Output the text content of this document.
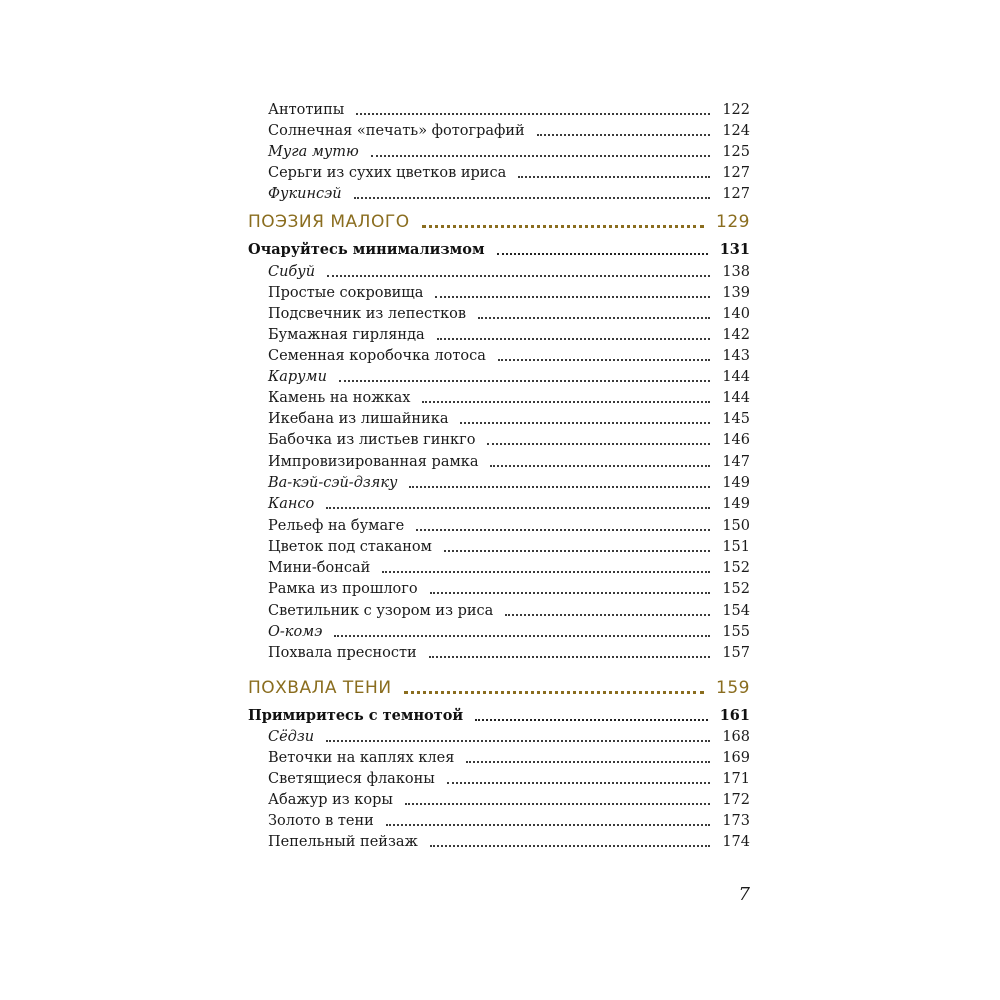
Антотипы	122
Солнечная «печать» фотографий	124
Муга мутю	125
Серьги из сухих цветков ириса	127
Фукинсэй	127
ПОЭЗИЯ МАЛОГО	129
Очаруйтесь минимализмом	131
Сибуй	138
Простые сокровища	139
Подсвечник из лепестков	140
Бумажная гирлянда	142
Семенная коробочка лотоса	143
Каруми	144
Камень на ножках	144
Икебана из лишайника	145
Бабочка из листьев гинкго	146
Импровизированная рамка	147
Ва-кэй-сэй-дзяку	149
Кансо	149
Рельеф на бумаге	150
Цветок под стаканом	151
Мини-бонсай	152
Рамка из прошлого	152
Светильник с узором из риса	154
О-комэ	155
Похвала пресности	157
ПОХВАЛА ТЕНИ	159
Примиритесь с темнотой	161
Сёдзи	168
Веточки на каплях клея	169
Светящиеся флаконы	171
Абажур из коры	172
Золото в тени	173
Пепельный пейзаж	174
7
